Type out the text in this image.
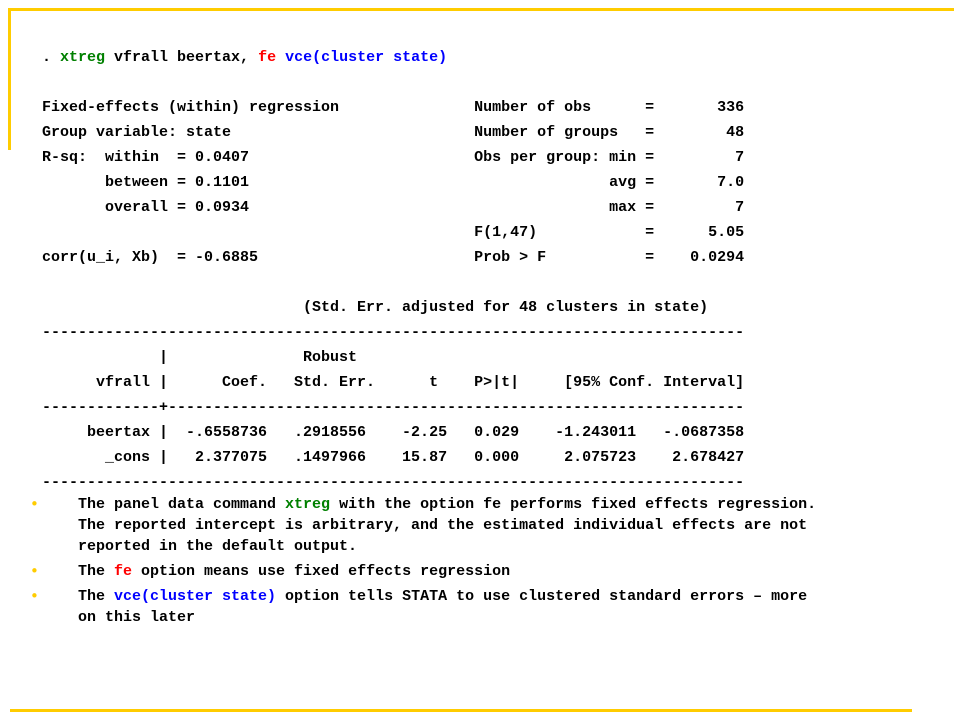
. xtreg vfrall beertax, fe vce(cluster state)

Fixed-effects (within) regression               Number of obs      =       336
Group variable: state                           Number of groups   =        48
R-sq:  within  = 0.0407                         Obs per group: min =         7
between = 0.1101                                        avg =       7.0
overall = 0.0934                                        max =         7
F(1,47)            =      5.05
corr(u_i, Xb)  = -0.6885                        Prob > F           =    0.0294

(Std. Err. adjusted for 48 clusters in state)
------------------------------------------------------------------------------
|               Robust
vfrall |      Coef.   Std. Err.      t    P>|t|     [95% Conf. Interval]
-------------+----------------------------------------------------------------
beertax |  -.6558736   .2918556    -2.25   0.029    -1.243011   -.0687358
_cons |   2.377075   .1497966    15.87   0.000     2.075723    2.678427
------------------------------------------------------------------------------
•	The panel data command xtreg with the option fe performs fixed effects regression. The reported intercept is arbitrary, and the estimated individual effects are not reported in the default output.
•	The fe option means use fixed effects regression
•	The vce(cluster state) option tells STATA to use clustered standard errors – more on this later
